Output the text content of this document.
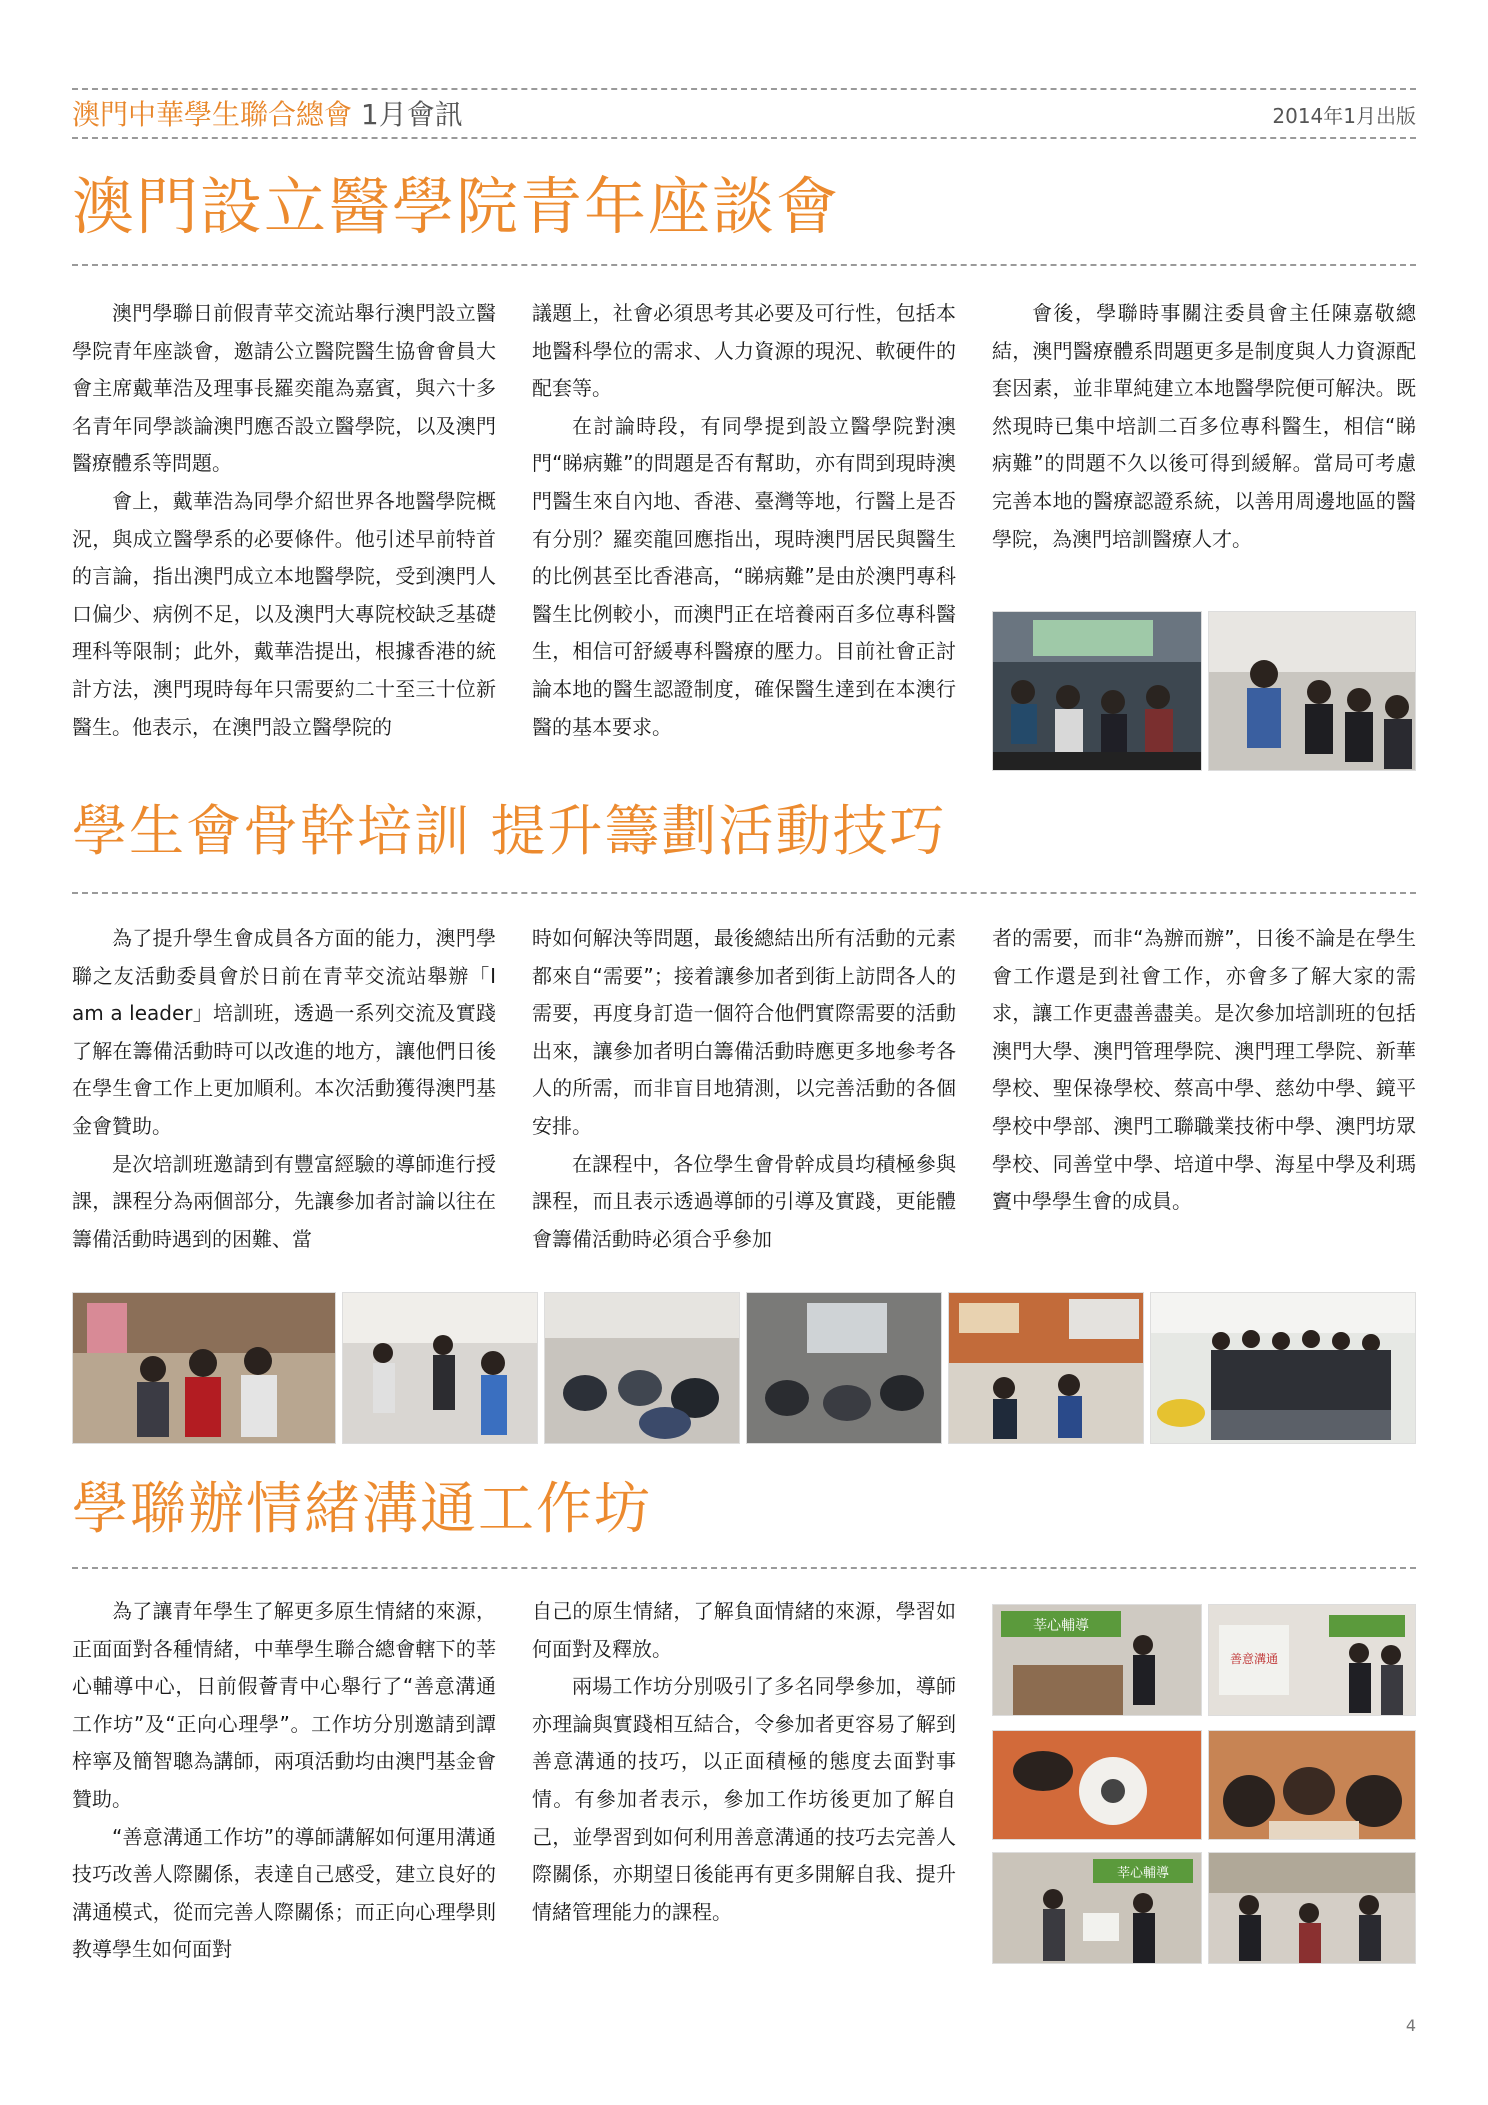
澳門中華學生聯合總會 1月會訊	2014年1月出版
澳門設立醫學院青年座談會

澳門學聯日前假青苹交流站舉行澳門設立醫學院青年座談會，邀請公立醫院醫生協會會員大會主席戴華浩及理事長羅奕龍為嘉賓，與六十多名青年同學談論澳門應否設立醫學院，以及澳門醫療體系等問題。

會上，戴華浩為同學介紹世界各地醫學院概況，與成立醫學系的必要條件。他引述早前特首的言論，指出澳門成立本地醫學院，受到澳門人口偏少、病例不足，以及澳門大專院校缺乏基礎理科等限制；此外，戴華浩提出，根據香港的統計方法，澳門現時每年只需要約二十至三十位新醫生。他表示，在澳門設立醫學院的

議題上，社會必須思考其必要及可行性，包括本地醫科學位的需求、人力資源的現況、軟硬件的配套等。

在討論時段，有同學提到設立醫學院對澳門“睇病難”的問題是否有幫助，亦有問到現時澳門醫生來自內地、香港、臺灣等地，行醫上是否有分別？羅奕龍回應指出，現時澳門居民與醫生的比例甚至比香港高，“睇病難”是由於澳門專科醫生比例較小，而澳門正在培養兩百多位專科醫生，相信可舒緩專科醫療的壓力。目前社會正討論本地的醫生認證制度，確保醫生達到在本澳行醫的基本要求。

會後，學聯時事關注委員會主任陳嘉敬總結，澳門醫療體系問題更多是制度與人力資源配套因素，並非單純建立本地醫學院便可解決。既然現時已集中培訓二百多位專科醫生，相信“睇病難”的問題不久以後可得到緩解。當局可考慮完善本地的醫療認證系統，以善用周邊地區的醫學院，為澳門培訓醫療人才。

學生會骨幹培訓 提升籌劃活動技巧

為了提升學生會成員各方面的能力，澳門學聯之友活動委員會於日前在青苹交流站舉辦「I am a leader」培訓班，透過一系列交流及實踐了解在籌備活動時可以改進的地方，讓他們日後在學生會工作上更加順利。本次活動獲得澳門基金會贊助。

是次培訓班邀請到有豐富經驗的導師進行授課，課程分為兩個部分，先讓參加者討論以往在籌備活動時遇到的困難、當

時如何解決等問題，最後總結出所有活動的元素都來自“需要”；接着讓參加者到街上訪問各人的需要，再度身訂造一個符合他們實際需要的活動出來，讓參加者明白籌備活動時應更多地參考各人的所需，而非盲目地猜測，以完善活動的各個安排。

在課程中，各位學生會骨幹成員均積極參與課程，而且表示透過導師的引導及實踐，更能體會籌備活動時必須合乎參加

者的需要，而非“為辦而辦”，日後不論是在學生會工作還是到社會工作，亦會多了解大家的需求，讓工作更盡善盡美。是次參加培訓班的包括澳門大學、澳門管理學院、澳門理工學院、新華學校、聖保祿學校、蔡高中學、慈幼中學、鏡平學校中學部、澳門工聯職業技術中學、澳門坊眾學校、同善堂中學、培道中學、海星中學及利瑪竇中學學生會的成員。

學聯辦情緒溝通工作坊

為了讓青年學生了解更多原生情緒的來源，正面面對各種情緒，中華學生聯合總會轄下的莘心輔導中心，日前假薈青中心舉行了“善意溝通工作坊”及“正向心理學”。工作坊分別邀請到譚梓寧及簡智聰為講師，兩項活動均由澳門基金會贊助。

“善意溝通工作坊”的導師講解如何運用溝通技巧改善人際關係，表達自己感受，建立良好的溝通模式，從而完善人際關係；而正向心理學則教導學生如何面對

自己的原生情緒，了解負面情緒的來源，學習如何面對及釋放。

兩場工作坊分別吸引了多名同學參加，導師亦理論與實踐相互結合，令參加者更容易了解到善意溝通的技巧，以正面積極的態度去面對事情。有參加者表示，參加工作坊後更加了解自己，並學習到如何利用善意溝通的技巧去完善人際關係，亦期望日後能再有更多開解自我、提升情緒管理能力的課程。

莘心輔導
善意溝通
莘心輔導
4
